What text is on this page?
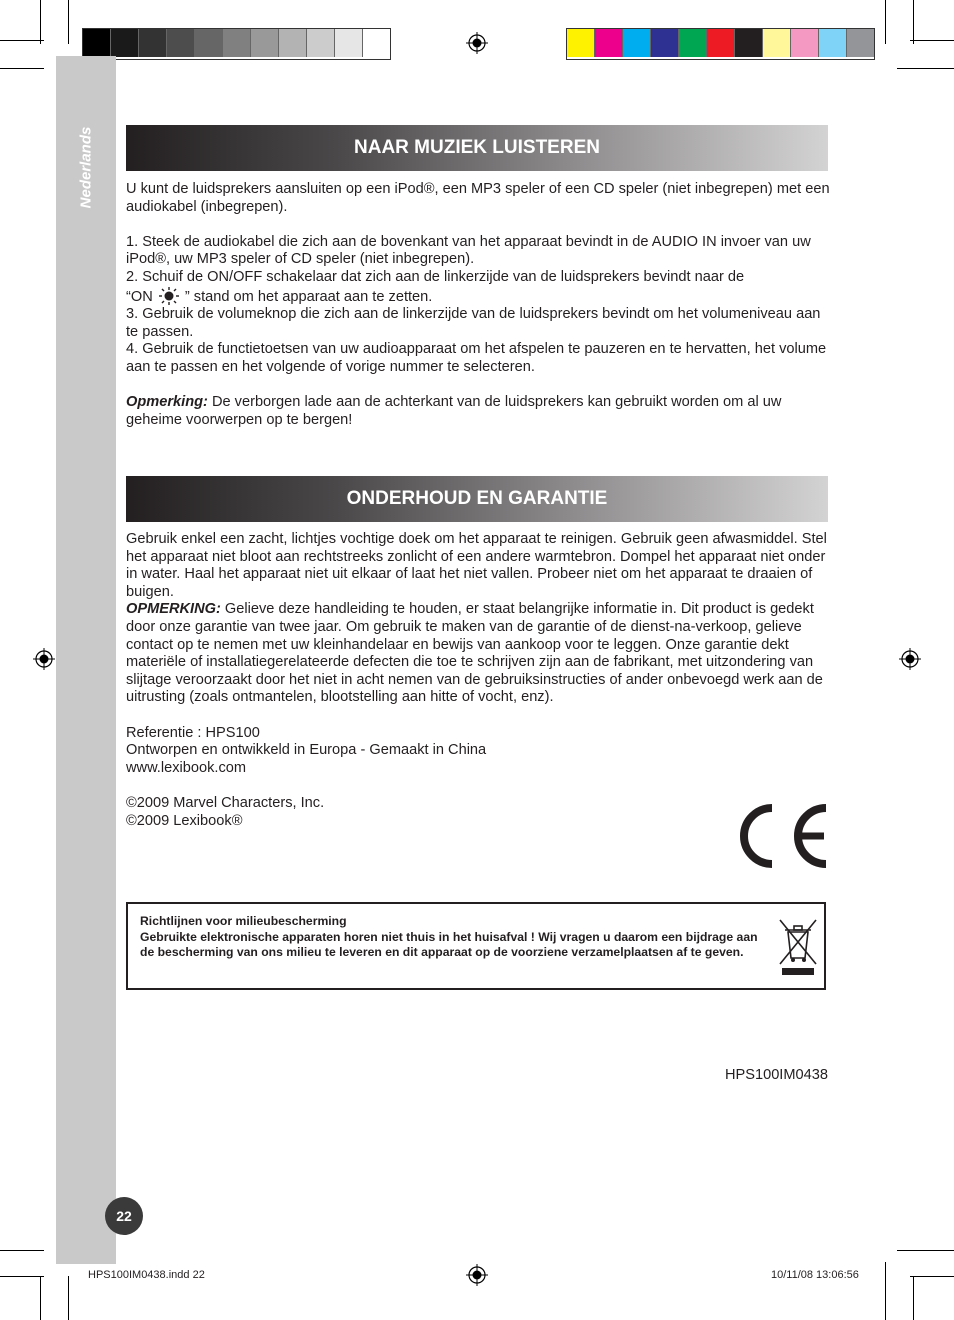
Nederlands	NAAR MUZIEK LUISTEREN

U kunt de luidsprekers aansluiten op een iPod®, een MP3 speler of een CD speler (niet inbegrepen) met een audiokabel (inbegrepen).

1. Steek de audiokabel die zich aan de bovenkant van het apparaat bevindt in de AUDIO IN invoer van uw iPod®, uw MP3 speler of CD speler (niet inbegrepen).

2. Schuif de ON/OFF schakelaar dat zich aan de linkerzijde van de luidsprekers bevindt naar de
“ON ” stand om het apparaat aan te zetten.

3. Gebruik de volumeknop die zich aan de linkerzijde van de luidsprekers bevindt om het volumeniveau aan te passen.

4. Gebruik de functietoetsen van uw audioapparaat om het afspelen te pauzeren en te hervatten, het volume aan te passen en het volgende of vorige nummer te selecteren.

Opmerking: De verborgen lade aan de achterkant van de luidsprekers kan gebruikt worden om al uw geheime voorwerpen op te bergen!

ONDERHOUD EN GARANTIE

Gebruik enkel een zacht, lichtjes vochtige doek om het apparaat te reinigen. Gebruik geen afwasmiddel. Stel het apparaat niet bloot aan rechtstreeks zonlicht of een andere warmtebron. Dompel het apparaat niet onder in water. Haal het apparaat niet uit elkaar of laat het niet vallen. Probeer niet om het apparaat te draaien of buigen.

OPMERKING: Gelieve deze handleiding te houden, er staat belangrijke informatie in. Dit product is gedekt door onze garantie van twee jaar. Om gebruik te maken van de garantie of de dienst-na-verkoop, gelieve contact op te nemen met uw kleinhandelaar en bewijs van aankoop voor te leggen. Onze garantie dekt materiële of installatiegerelateerde defecten die toe te schrijven zijn aan de fabrikant, met uitzondering van slijtage veroorzaakt door het niet in acht nemen van de gebruiksinstructies of ander onbevoegd werk aan de uitrusting (zoals ontmantelen, blootstelling aan hitte of vocht, enz).

Referentie : HPS100

Ontworpen en ontwikkeld in Europa - Gemaakt in China

www.lexibook.com

©2009 Marvel Characters, Inc.

©2009 Lexibook®

Richtlijnen voor milieubescherming
Gebruikte elektronische apparaten horen niet thuis in het huisafval ! Wij vragen u daarom een bijdrage aan de bescherming van ons milieu te leveren en dit apparaat op de voorziene verzamelplaatsen af te geven.
HPS100IM0438
22
HPS100IM0438.indd 22	10/11/08 13:06:56
